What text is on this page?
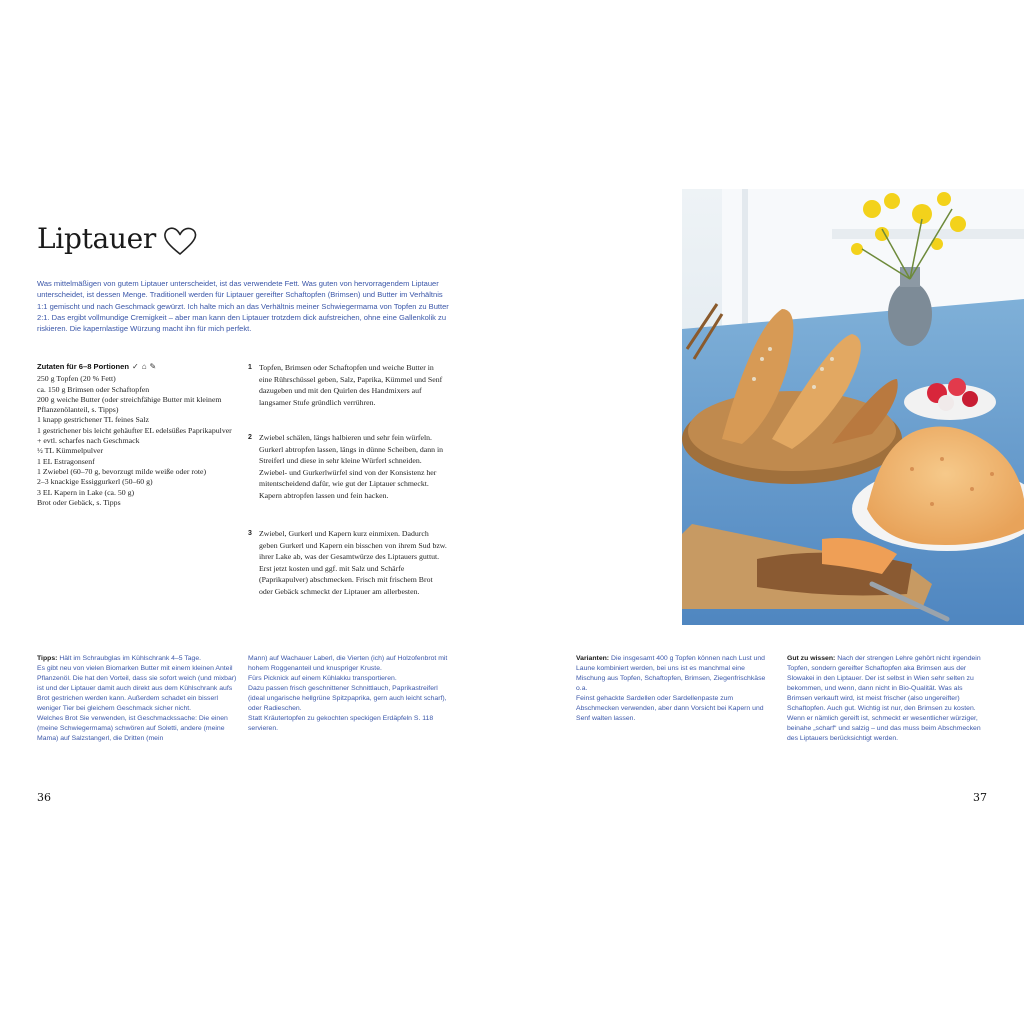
Liptauer

Was mittelmäßigen von gutem Liptauer unterscheidet, ist das verwendete Fett. Was guten von hervorragendem Liptauer unterscheidet, ist dessen Menge. Traditionell werden für Liptauer gereifter Schaftopfen (Brimsen) und Butter im Verhältnis 1:1 gemischt und nach Geschmack gewürzt. Ich halte mich an das Verhältnis meiner Schwiegermama von Topfen zu Butter 2:1. Das ergibt vollmundige Cremigkeit – aber man kann den Liptauer trotzdem dick aufstreichen, ohne eine Gallenkolik zu riskieren. Die kapernlastige Würzung macht ihn für mich perfekt.

Zutaten für 6–8 Portionen ✓ ⌂ ✎
250 g Topfen (20 % Fett)
ca. 150 g Brimsen oder Schaftopfen
200 g weiche Butter (oder streichfähige Butter mit kleinem Pflanzenölanteil, s. Tipps)
1 knapp gestrichener TL feines Salz
1 gestrichener bis leicht gehäufter EL edelsüßes Paprikapulver + evtl. scharfes nach Geschmack
½ TL Kümmelpulver
1 EL Estragonsenf
1 Zwiebel (60–70 g, bevorzugt milde weiße oder rote)
2–3 knackige Essiggurkerl (50–60 g)
3 EL Kapern in Lake (ca. 50 g)
Brot oder Gebäck, s. Tipps
1 Topfen, Brimsen oder Schaftopfen und weiche Butter in eine Rührschüssel geben, Salz, Paprika, Kümmel und Senf dazugeben und mit den Quirlen des Handmixers auf langsamer Stufe gründlich verrühren.
2 Zwiebel schälen, längs halbieren und sehr fein würfeln. Gurkerl abtropfen lassen, längs in dünne Scheiben, dann in Streiferl und diese in sehr kleine Würferl schneiden. Zwiebel- und Gurkerlwürfel sind von der Konsistenz her mitentscheidend dafür, wie gut der Liptauer schmeckt. Kapern abtropfen lassen und fein hacken.
3 Zwiebel, Gurkerl und Kapern kurz einmixen. Dadurch geben Gurkerl und Kapern ein bisschen von ihrem Sud bzw. ihrer Lake ab, was der Gesamtwürze des Liptauers guttut. Erst jetzt kosten und ggf. mit Salz und Schärfe (Paprikapulver) abschmecken. Frisch mit frischem Brot oder Gebäck schmeckt der Liptauer am allerbesten.
Tipps: Hält im Schraubglas im Kühlschrank 4–5 Tage.
Es gibt neu von vielen Biomarken Butter mit einem kleinen Anteil Pflanzenöl. Die hat den Vorteil, dass sie sofort weich (und mixbar) ist und der Liptauer damit auch direkt aus dem Kühlschrank aufs Brot gestrichen werden kann. Außerdem schadet ein bisserl weniger Tier bei gleichem Geschmack sicher nicht.
Welches Brot Sie verwenden, ist Geschmackssache: Die einen (meine Schwiegermama) schwören auf Soletti, andere (meine Mama) auf Salzstangerl, die Dritten (mein
Mann) auf Wachauer Laberl, die Vierten (ich) auf Holzofenbrot mit hohem Roggenanteil und knuspriger Kruste.
Fürs Picknick auf einem Kühlakku transportieren.
Dazu passen frisch geschnittener Schnittlauch, Paprikastreiferl (ideal ungarische hellgrüne Spitzpaprika, gern auch leicht scharf), oder Radieschen.
Statt Kräutertopfen zu gekochten speckigen Erdäpfeln S. 118 servieren.
Varianten: Die insgesamt 400 g Topfen können nach Lust und Laune kombiniert werden, bei uns ist es manchmal eine Mischung aus Topfen, Schaftopfen, Brimsen, Ziegenfrischkäse o.a.
Feinst gehackte Sardellen oder Sardellenpaste zum Abschmecken verwenden, aber dann Vorsicht bei Kapern und Senf walten lassen.
Gut zu wissen: Nach der strengen Lehre gehört nicht irgendein Topfen, sondern gereifter Schaftopfen aka Brimsen aus der Slowakei in den Liptauer. Der ist selbst in Wien sehr selten zu bekommen, und wenn, dann nicht in Bio-Qualität. Was als Brimsen verkauft wird, ist meist frischer (also ungereifter) Schaftopfen. Auch gut. Wichtig ist nur, den Brimsen zu kosten. Wenn er nämlich gereift ist, schmeckt er wesentlicher würziger, beinahe „scharf“ und salzig – und das muss beim Abschmecken des Liptauers berücksichtigt werden.
36	37
